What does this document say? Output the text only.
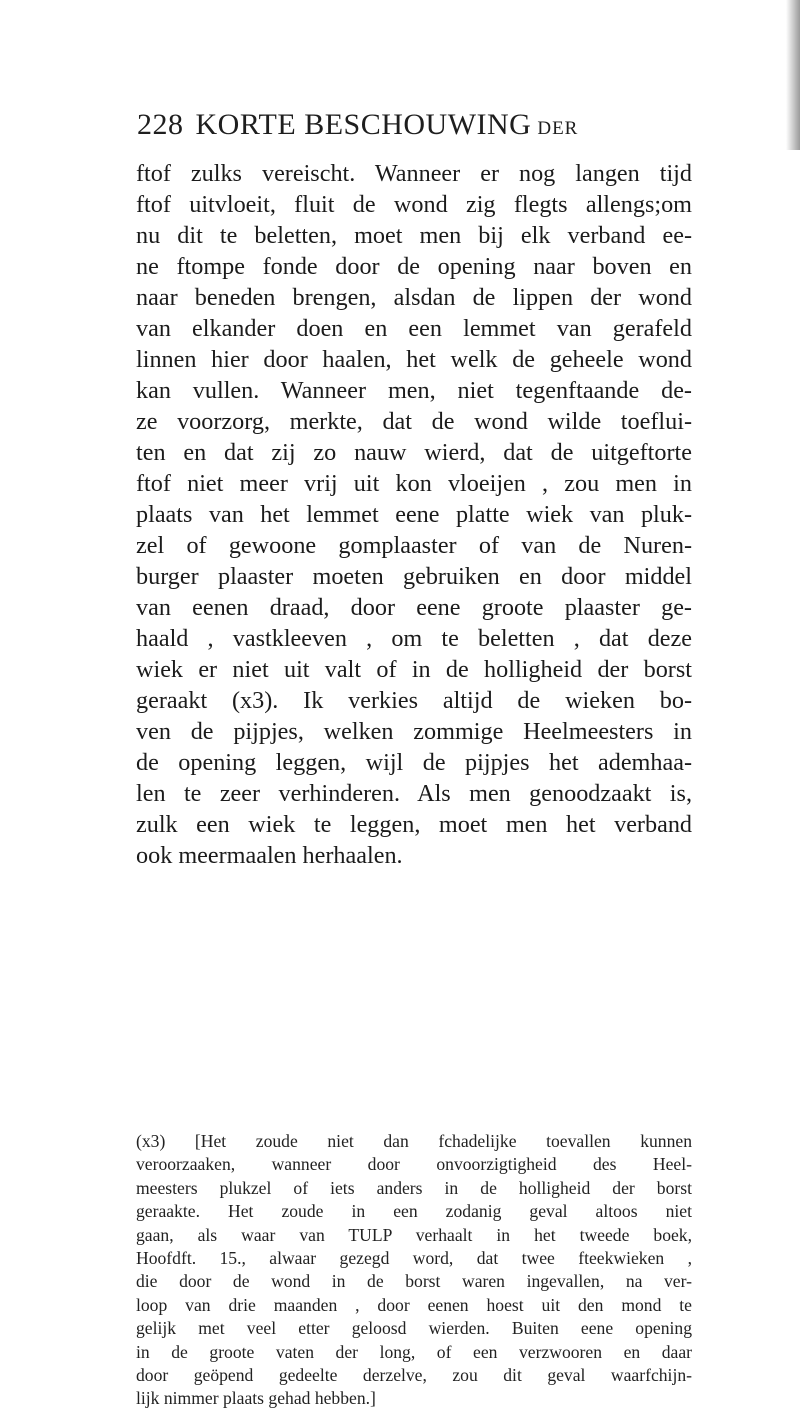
228 KORTE BESCHOUWING DER
ftof zulks vereischt. Wanneer er nog langen tijd
ftof uitvloeit, fluit de wond zig flegts allengs;om
nu dit te beletten, moet men bij elk verband ee-
ne ftompe fonde door de opening naar boven en
naar beneden brengen, alsdan de lippen der wond
van elkander doen en een lemmet van gerafeld
linnen hier door haalen, het welk de geheele wond
kan vullen. Wanneer men, niet tegenftaande de-
ze voorzorg, merkte, dat de wond wilde toeflui-
ten en dat zij zo nauw wierd, dat de uitgeftorte
ftof niet meer vrij uit kon vloeijen , zou men in
plaats van het lemmet eene platte wiek van pluk-
zel of gewoone gomplaaster of van de Nuren-
burger plaaster moeten gebruiken en door middel
van eenen draad, door eene groote plaaster ge-
haald , vastkleeven , om te beletten , dat deze
wiek er niet uit valt of in de holligheid der borst
geraakt (x3). Ik verkies altijd de wieken bo-
ven de pijpjes, welken zommige Heelmeesters in
de opening leggen, wijl de pijpjes het ademhaa-
len te zeer verhinderen. Als men genoodzaakt is,
zulk een wiek te leggen, moet men het verband
ook meermaalen herhaalen.
(x3) [Het zoude niet dan fchadelijke toevallen kunnen
veroorzaaken, wanneer door onvoorzigtigheid des Heel-
meesters plukzel of iets anders in de holligheid der borst
geraakte. Het zoude in een zodanig geval altoos niet
gaan, als waar van TULP verhaalt in het tweede boek,
Hoofdft. 15., alwaar gezegd word, dat twee fteekwieken ,
die door de wond in de borst waren ingevallen, na ver-
loop van drie maanden , door eenen hoest uit den mond te
gelijk met veel etter geloosd wierden. Buiten eene opening
in de groote vaten der long, of een verzwooren en daar
door geöpend gedeelte derzelve, zou dit geval waarfchijn-
lijk nimmer plaats gehad hebben.]
